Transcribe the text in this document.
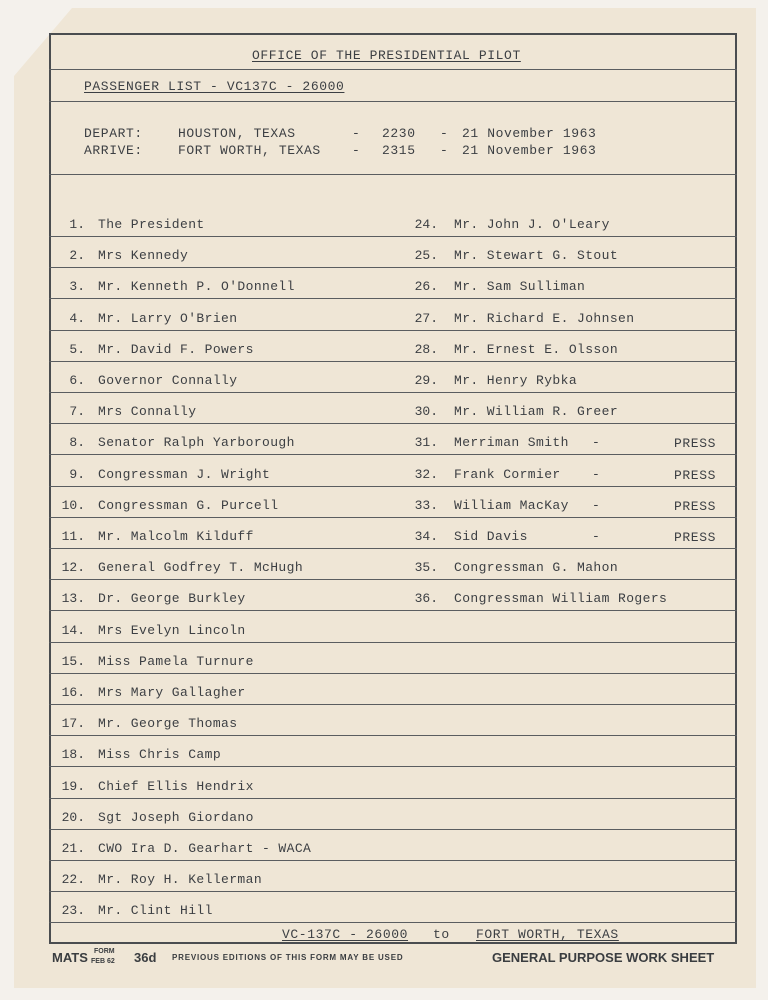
OFFICE OF THE PRESIDENTIAL PILOT
PASSENGER LIST - VC137C - 26000
DEPART:	HOUSTON, TEXAS	- 2230 - 21 November 1963
ARRIVE:	FORT WORTH, TEXAS - 2315 - 21 November 1963
1. The President
2. Mrs Kennedy
3. Mr. Kenneth P. O'Donnell
4. Mr. Larry O'Brien
5. Mr. David F. Powers
6. Governor Connally
7. Mrs Connally
8. Senator Ralph Yarborough
9. Congressman J. Wright
10. Congressman G. Purcell
11. Mr. Malcolm Kilduff
12. General Godfrey T. McHugh
13. Dr. George Burkley
14. Mrs Evelyn Lincoln
15. Miss Pamela Turnure
16. Mrs Mary Gallagher
17. Mr. George Thomas
18. Miss Chris Camp
19. Chief Ellis Hendrix
20. Sgt Joseph Giordano
21. CWO Ira D. Gearhart - WACA
22. Mr. Roy H. Kellerman
23. Mr. Clint Hill
24. Mr. John J. O'Leary
25. Mr. Stewart G. Stout
26. Mr. Sam Sulliman
27. Mr. Richard E. Johnsen
28. Mr. Ernest E. Olsson
29. Mr. Henry Rybka
30. Mr. William R. Greer
31. Merriman Smith -	PRESS
32. Frank Cormier -	PRESS
33. William MacKay -	PRESS
34. Sid Davis	-	PRESS
35. Congressman G. Mahon
36. Congressman William Rogers
VC-137C - 26000 to FORT WORTH, TEXAS
MATS FORM
FEB 62 36d PREVIOUS EDITIONS OF THIS FORM MAY BE USED	GENERAL PURPOSE WORK SHEET
